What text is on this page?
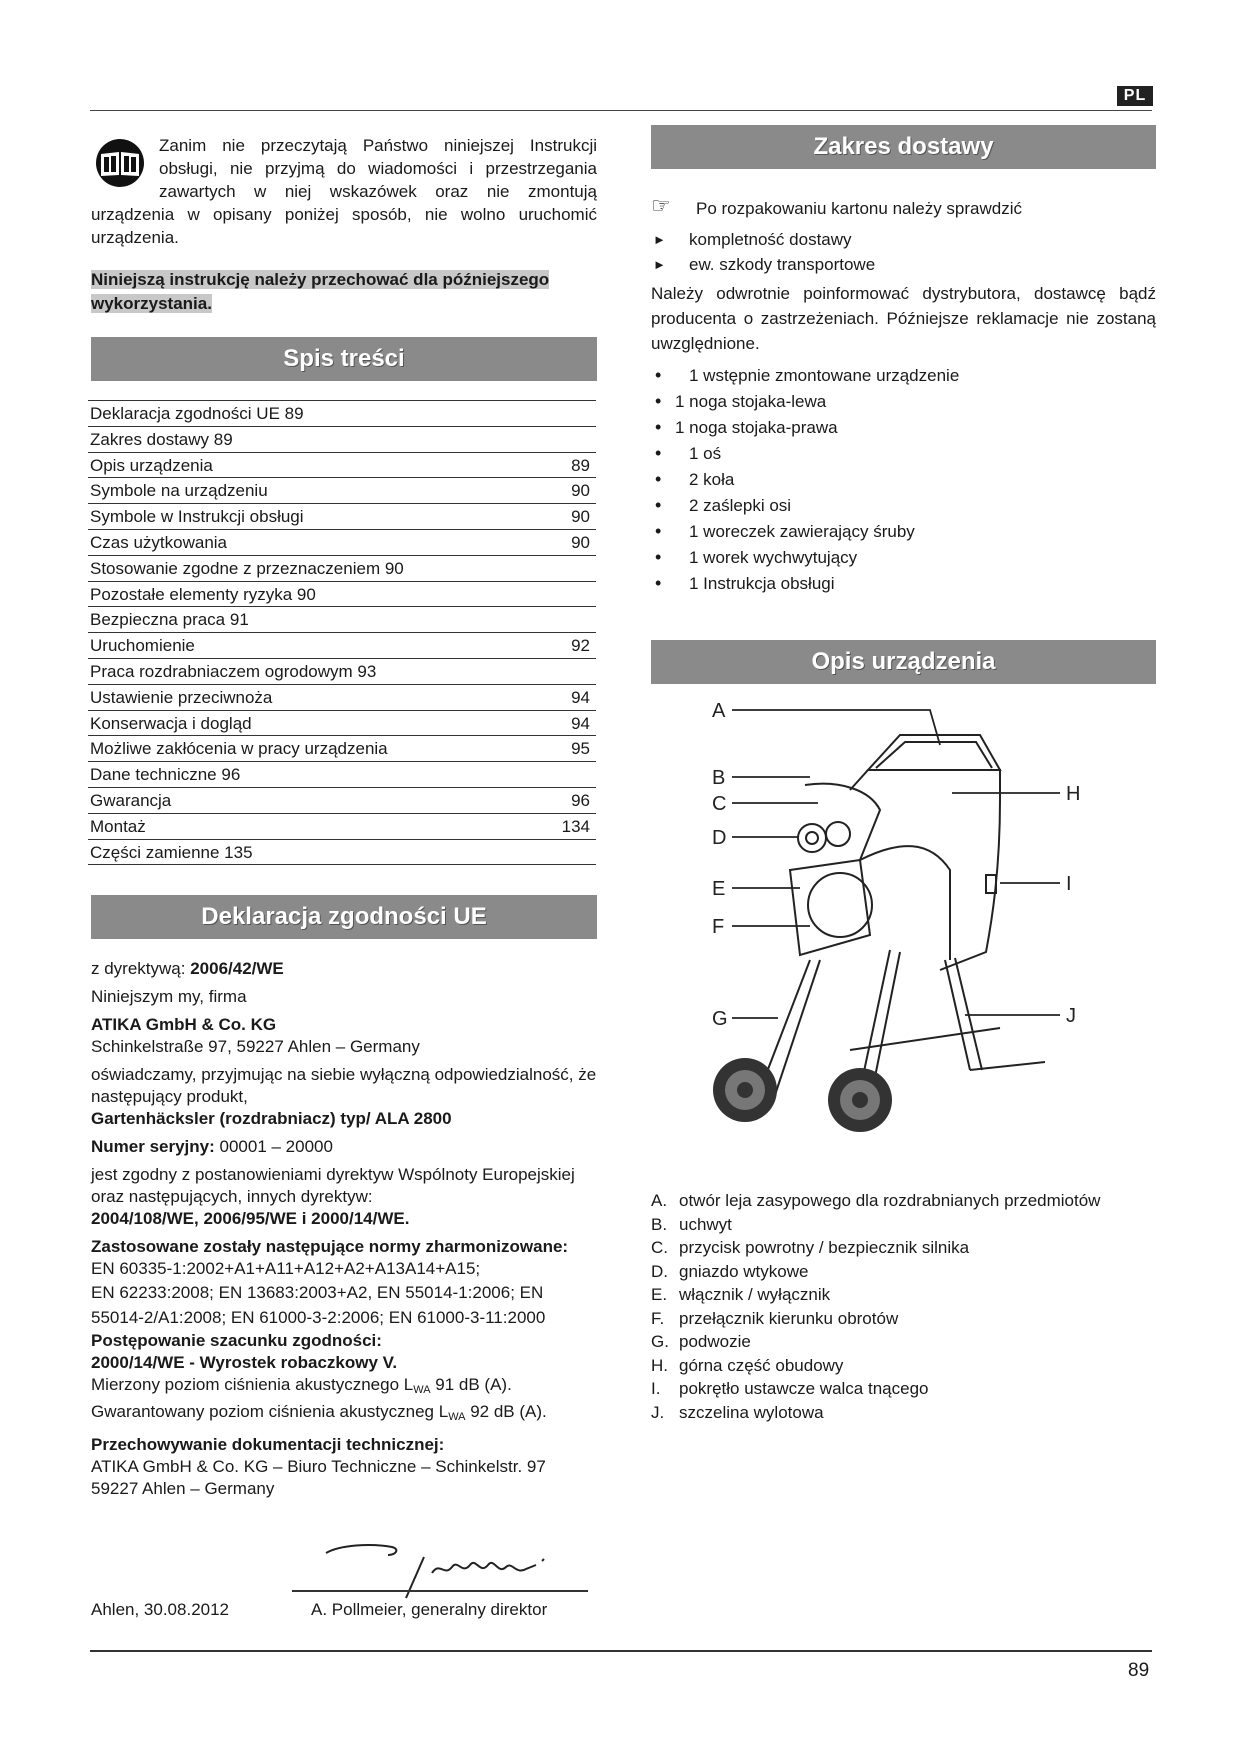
PL
Zanim nie przeczytają Państwo niniejszej Instrukcji obsługi, nie przyjmą do wiadomości i przestrzegania zawartych w niej wskazówek oraz nie zmontują urządzenia w opisany poniżej sposób, nie wolno uruchomić urządzenia.
Niniejszą instrukcję należy przechować dla późniejszego wykorzystania.
Spis treści
Deklaracja zgodności UE 89
Zakres dostawy 89
Opis urządzenia	89
Symbole na urządzeniu	90
Symbole w Instrukcji obsługi	90
Czas użytkowania	90
Stosowanie zgodne z przeznaczeniem 90
Pozostałe elementy ryzyka 90
Bezpieczna praca 91
Uruchomienie	92
Praca rozdrabniaczem ogrodowym 93
Ustawienie przeciwnoża	94
Konserwacja i dogląd	94
Możliwe zakłócenia w pracy urządzenia	95
Dane techniczne 96
Gwarancja	96
Montaż	134
Części zamienne 135
Deklaracja zgodności UE

z dyrektywą: 2006/42/WE

Niniejszym my, firma

ATIKA GmbH & Co. KG

Schinkelstraße 97, 59227 Ahlen – Germany

oświadczamy, przyjmując na siebie wyłączną odpowiedzialność, że następujący produkt,

Gartenhäcksler (rozdrabniacz) typ/ ALA 2800

Numer seryjny: 00001 – 20000

jest zgodny z postanowieniami dyrektyw Wspólnoty Europejskiej oraz następujących, innych dyrektyw:

2004/108/WE, 2006/95/WE i 2000/14/WE.

Zastosowane zostały następujące normy zharmonizowane:

EN 60335-1:2002+A1+A11+A12+A2+A13A14+A15;

EN 62233:2008; EN 13683:2003+A2, EN 55014-1:2006; EN 55014-2/A1:2008; EN 61000-3-2:2006; EN 61000-3-11:2000

Postępowanie szacunku zgodności:

2000/14/WE - Wyrostek robaczkowy V.

Mierzony poziom ciśnienia akustycznego $L_{WA}$ 91 dB (A).

Gwarantowany poziom ciśnienia akustyczneg $L_{WA}$ 92 dB (A).

Przechowywanie dokumentacji technicznej:

ATIKA GmbH & Co. KG – Biuro Techniczne – Schinkelstr. 97

59227 Ahlen – Germany

Ahlen, 30.08.2012	A. Pollmeier, generalny direktor
Zakres dostawy
☞ Po rozpakowaniu kartonu należy sprawdzić
► kompletność dostawy
► ew. szkody transportowe
Należy odwrotnie poinformować dystrybutora, dostawcę bądź producenta o zastrzeżeniach. Późniejsze reklamacje nie zostaną uwzględnione.
• 1 wstępnie zmontowane urządzenie
• 1 noga stojaka-lewa
• 1 noga stojaka-prawa
• 1 oś
• 2 koła
• 2 zaślepki osi
• 1 woreczek zawierający śruby
• 1 worek wychwytujący
• 1 Instrukcja obsługi
Opis urządzenia
A
B
C
D
E
F
G
H
I
J
A. otwór leja zasypowego dla rozdrabnianych przedmiotów
B. uchwyt
C. przycisk powrotny / bezpiecznik silnika
D. gniazdo wtykowe
E. włącznik / wyłącznik
F. przełącznik kierunku obrotów
G. podwozie
H. górna część obudowy
I.	pokrętło ustawcze walca tnącego
J. szczelina wylotowa
89
